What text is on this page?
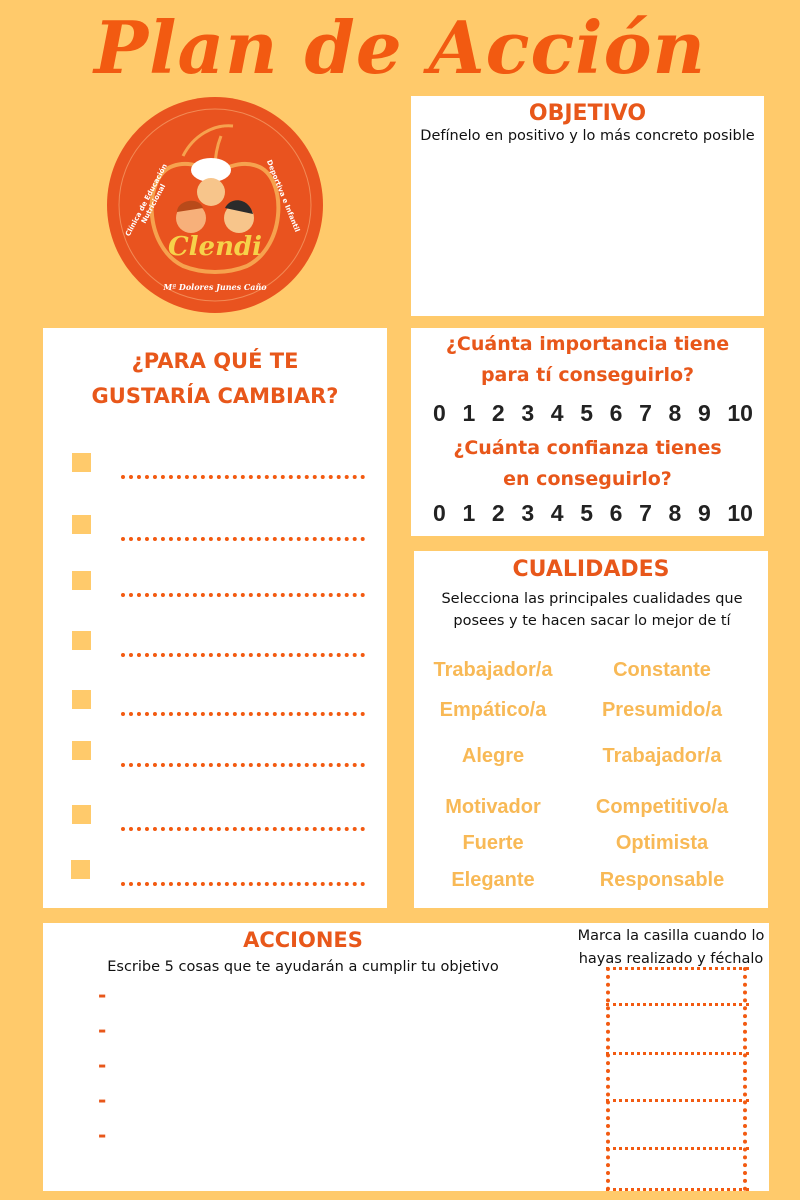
Plan de Acción
Clendi
Mª Dolores Junes Caño
Clínica de Educación Nutricional	Deportiva e Infantil
OBJETIVO
Defínelo en positivo y lo más concreto posible
¿PARA QUÉ TE
GUSTARÍA CAMBIAR?
¿Cuánta importancia tiene
para tí conseguirlo?
0 1 2 3 4 5 6 7 8 9 10
¿Cuánta confianza tienes
en conseguirlo?
0 1 2 3 4 5 6 7 8 9 10
CUALIDADES
Selecciona las principales cualidades que
posees y te hacen sacar lo mejor de tí
Trabajador/a
Empático/a
Alegre
Motivador
Fuerte
Elegante
Constante
Presumido/a
Trabajador/a
Competitivo/a
Optimista
Responsable
ACCIONES
Escribe 5 cosas que te ayudarán a cumplir tu objetivo
-
-
-
-
-
Marca la casilla cuando lo
hayas realizado y féchalo
